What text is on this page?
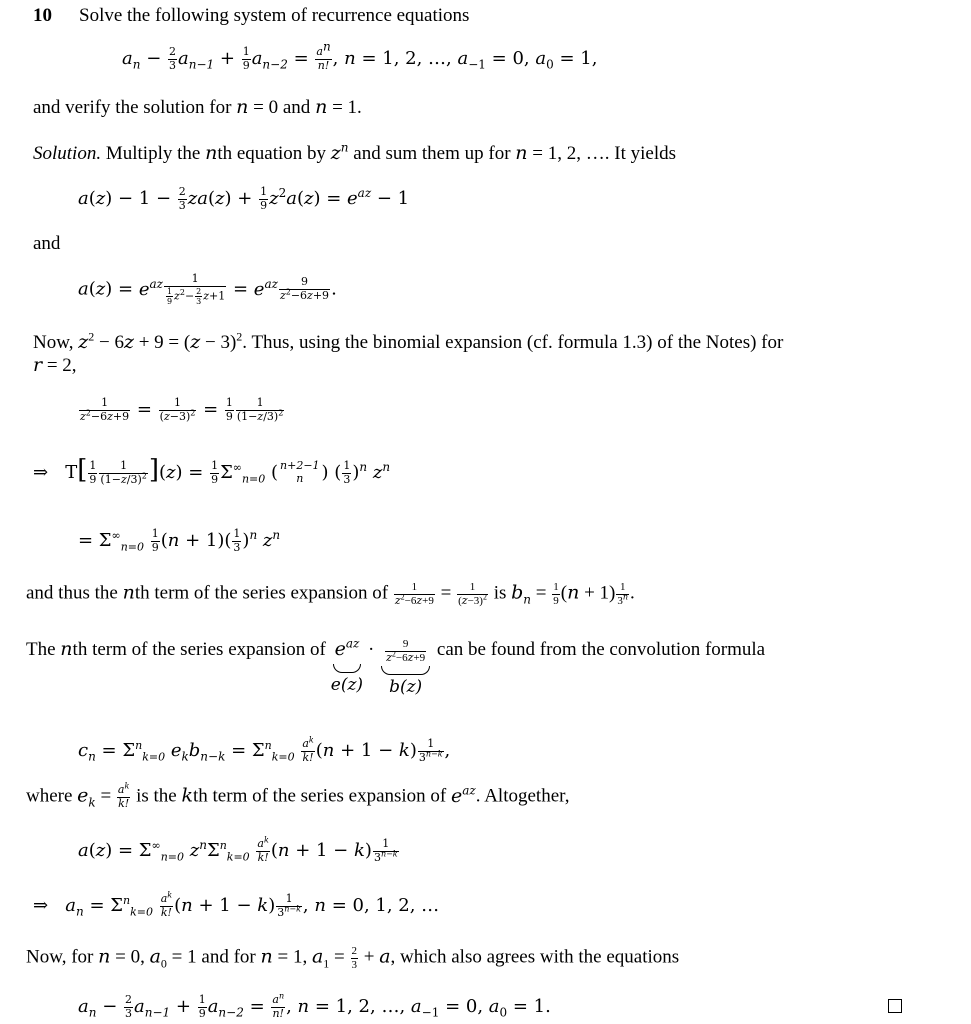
10 Solve the following system of recurrence equations
$a_n - \frac{2}{3} a_{n-1} + \frac{1}{9} a_{n-2} = \frac{a^n}{n!}$ , n = 1, 2, …, $a_{-1} = 0$, $a_0 = 1$,
and verify the solution for n = 0 and n = 1.
Solution. Multiply the nth equation by $z^n$ and sum them up for n = 1, 2, …. It yields
$a(z) - 1 - \frac{2}{3} za(z) + \frac{1}{9} z^2a(z) = e^{az} - 1$
and
$a(z) = e^{az} \frac{1}{\frac{1}{9} z^2- \frac{2}{3} z+1} = e^{az} \frac{9}{z^2-6z+9}$ .
Now, $z^2 - 6z + 9 = (z - 3)^2$. Thus, using the binomial expansion (cf. formula 1.3) of the Notes) for
r = 2,
$\frac{1}{z^2-6z+9} = \frac{1}{(z-3)^2} = \frac{1}{9} \frac{1}{(1-z/3)^2}$
⇒   $T[ \frac{1}{9} \frac{1}{(1-z/3)^2} ](z) = \frac{1}{9} \Sigma^\infty_{n=0}$ ( n+2−1
n	) ( $\frac{1}{3} )^n$ $z^n$
= $\Sigma^\infty_{n=0} \frac{1}{9} (n + 1)( \frac{1}{3} )^n$ $z^n$
and thus the nth term of the series expansion of $\frac{1}{z^2-6z+9} = \frac{1}{(z-3)^2}$ is $b_n = \frac{1}{9} (n + 1) \frac{1}{3^n}$ .
The nth term of the series expansion of $e^{az}$
e(z)
· $\frac{9}{z^2-6z+9}$
b(z)
can be found from the convolution formula
$c_n = \Sigma^n_{k=0}$ $e_kb_{n-k} = \Sigma^n_{k=0} \frac{a^k}{k!} (n + 1 - k) \frac{1}{3^{n-k}}$ ,
where $e_k = \frac{a^k}{k!}$ is the kth term of the series expansion of $e^{az}$. Altogether,
$a(z) = \Sigma^\infty_{n=0}$ $z^n\Sigma^n_{k=0} \frac{a^k}{k!} (n + 1 - k) \frac{1}{3^{n-k}}$
⇒   $a_n = \Sigma^n_{k=0} \frac{a^k}{k!} (n + 1 - k) \frac{1}{3^{n-k}}$ , n = 0, 1, 2, …
Now, for n = 0, $a_0 = 1$ and for n = 1, $a_1 = \frac{2}{3} + a$, which also agrees with the equations
$a_n - \frac{2}{3} a_{n-1} + \frac{1}{9} a_{n-2} = \frac{a^n}{n!}$ , n = 1, 2, …, $a_{-1} = 0$, $a_0 = 1$.
aₙ
